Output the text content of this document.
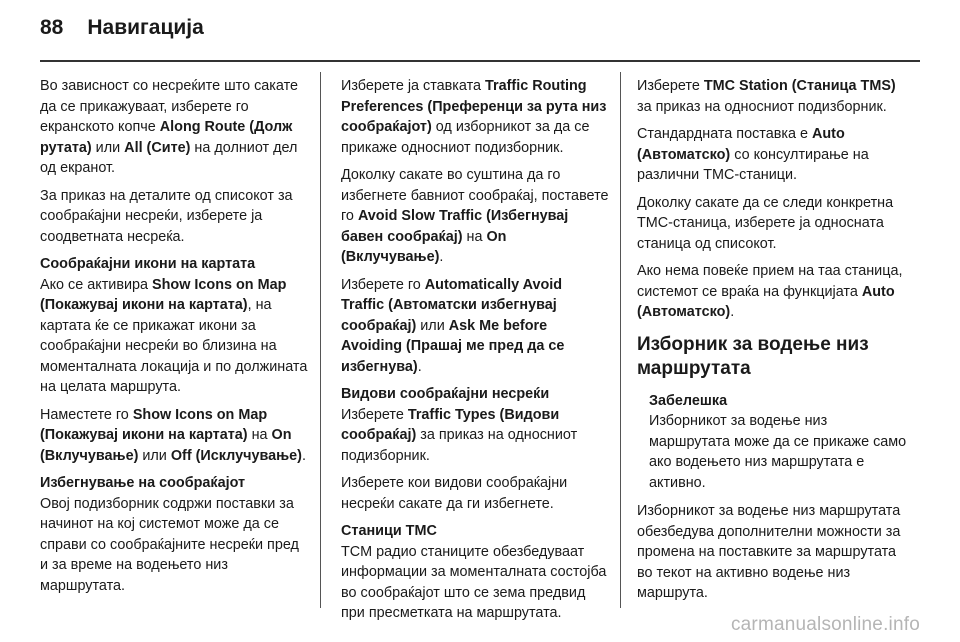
88 Навигација

Во зависност со несреќите што сакате да се прикажуваат, изберете го екранското копче Along Route (Долж рутата) или All (Сите) на долниот дел од екранот.

За приказ на деталите од списокот за сообраќајни несреќи, изберете ја соодветната несреќа.

Сообраќајни икони на картата

Ако се активира Show Icons on Map (Покажувај икони на картата), на картата ќе се прикажат икони за сообраќајни несреќи во близина на моменталната локација и по должината на целата маршрута.

Наместете го Show Icons on Map (Покажувај икони на картата) на On (Вклучување) или Off (Исклучување).

Избегнување на сообраќајот

Овој подизборник содржи поставки за начинот на кој системот може да се справи со сообраќајните несреќи пред и за време на водењето низ маршрутата.

Изберете ја ставката Traffic Routing Preferences (Преференци за рута низ сообраќајот) од изборникот за да се прикаже односниот подизборник.

Доколку сакате во суштина да го избегнете бавниот сообраќај, поставете го Avoid Slow Traffic (Избегнувај бавен сообраќај) на On (Вклучување).

Изберете го Automatically Avoid Traffic (Автоматски избегнувај сообраќај) или Ask Me before Avoiding (Прашај ме пред да се избегнува).

Видови сообраќајни несреќи

Изберете Traffic Types (Видови сообраќај) за приказ на односниот подизборник.

Изберете кои видови сообраќајни несреќи сакате да ги избегнете.

Станици TMC

TCM радио станиците обезбедуваат информации за моменталната состојба во сообраќајот што се зема предвид при пресметката на маршрутата.

Изберете TMC Station (Станица TMS) за приказ на односниот подизборник.

Стандардната поставка е Auto (Автоматско) со консултирање на различни TMC-станици.

Доколку сакате да се следи конкретна TMC-станица, изберете ја односната станица од списокот.

Ако нема повеќе прием на таа станица, системот се враќа на функцијата Auto (Автоматско).

Изборник за водење низ маршрутата

Забелешка
Изборникот за водење низ маршрутата може да се прикаже само ако водењето низ маршрутата е активно.

Изборникот за водење низ маршрутата обезбедува дополнителни можности за промена на поставките за маршрутата во текот на активно водење низ маршрута.

carmanualsonline.info
